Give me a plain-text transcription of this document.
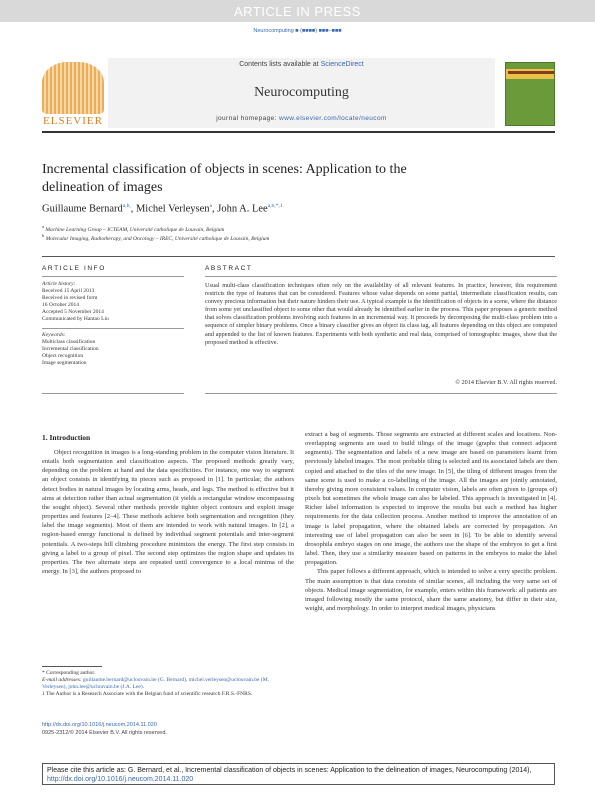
ARTICLE IN PRESS
Neurocomputing ■ (■■■■) ■■■–■■■
ELSEVIER
Contents lists available at ScienceDirect
Neurocomputing
journal homepage: www.elsevier.com/locate/neucom
Incremental classification of objects in scenes: Application to the delineation of images
Guillaume Bernard$^{a,b,}$, Michel Verleysen$^a$, John A. Lee$^{a,b,*,1}$
$^a$ Machine Learning Group – ICTEAM, Université catholique de Louvain, Belgium
$^b$ Molecular Imaging, Radiotherapy, and Oncology – IREC, Université catholique de Louvain, Belgium
ARTICLE INFO	ABSTRACT
Article history:
Received 15 April 2013
Received in revised form
16 October 2014
Accepted 5 November 2014
Communicated by Hantao Liu
Keywords:
Multiclass classification
Incremental classification
Object recognition
Image segmentation
Usual multi-class classification techniques often rely on the availability of all relevant features. In practice, however, this requirement restricts the type of features that can be considered. Features whose value depends on some partial, intermediate classification results, can convey precious information but their nature hinders their use. A typical example is the identification of objects in a scene, where the distance from some yet unclassified object to some other that would already be identified earlier in the process. This paper proposes a generic method that solves classification problems involving such features in an incremental way. It proceeds by decomposing the multi-class problem into a sequence of simpler binary problems. Once a binary classifier gives an object its class tag, all features depending on this object are computed and appended to the list of known features. Experiments with both synthetic and real data, comprised of tomographic images, show that the proposed method is effective.
© 2014 Elsevier B.V. All rights reserved.
1. Introduction

Object recognition in images is a long-standing problem in the computer vision literature. It entails both segmentation and classification aspects. The proposed methods greatly vary, depending on the problem at hand and the data specificities. For instance, one way to segment an object consists in identifying its pieces such as proposed in [1]. In particular, the authors detect bodies in natural images by locating arms, heads, and legs. The method is effective but it aims at detection rather than actual segmentation (it yields a rectangular window encompassing the sought object). Several other methods provide tighter object contours and exploit image properties and features [2–4]. These methods achieve both segmentation and recognition (they label the image segments). Most of them are intended to work with natural images. In [2], a region-based energy functional is defined by individual segment potentials and inter-segment potentials. A two-steps hill climbing procedure minimizes the energy. The first step consists in giving a label to a group of pixel. The second step optimizes the region shape and updates its properties. The two alternate steps are repeated until convergence to a local minima of the energy. In [3], the authors proposed to

extract a bag of segments. Those segments are extracted at different scales and locations. Non-overlapping segments are used to build tilings of the image (graphs that connect adjacent segments). The segmentation and labels of a new image are based on parameters learnt from previously labeled images. The most probable tiling is selected and its associated labels are then copied and attached to the tiles of the new image. In [5], the tiling of different images from the same scene is used to make a co-labelling of the image. All the images are jointly annotated, thereby giving more consistent values. In computer vision, labels are often given to (groups of) pixels but sometimes the whole image can also be labeled. This approach is investigated in [4]. Richer label information is expected to improve the results but such a method has higher requirements for the data collection process. Another method to improve the annotation of an image is label propagation, where the obtained labels are corrected by propagation. An interesting use of label propagation can also be seen in [6]. To be able to identify several drosophila embryo stages on one image, the authors use the shape of the embryos to get a first label. Then, they use a similarity measure based on patterns in the embryos to make the label propagation.

This paper follows a different approach, which is intended to solve a very specific problem. The main assumption is that data consists of similar scenes, all including the very same set of objects. Medical image segmentation, for example, enters within this framework: all patients are imaged following mostly the same protocol, share the same anatomy, but differ in their size, weight, and morphology. In order to interpret medical images, physicians

* Corresponding author.
E-mail addresses: guillaume.bernard@uclouvain.be (G. Bernard), michel.verleysen@uclouvain.be (M. Verleysen), john.lee@uclouvain.be (J.A. Lee).
1 The Author is a Research Associate with the Belgian fund of scientific research F.R.S.-FNRS.
http://dx.doi.org/10.1016/j.neucom.2014.11.020
0925-2312/© 2014 Elsevier B.V. All rights reserved.
Please cite this article as: G. Bernard, et al., Incremental classification of objects in scenes: Application to the delineation of images, Neurocomputing (2014), http://dx.doi.org/10.1016/j.neucom.2014.11.020
